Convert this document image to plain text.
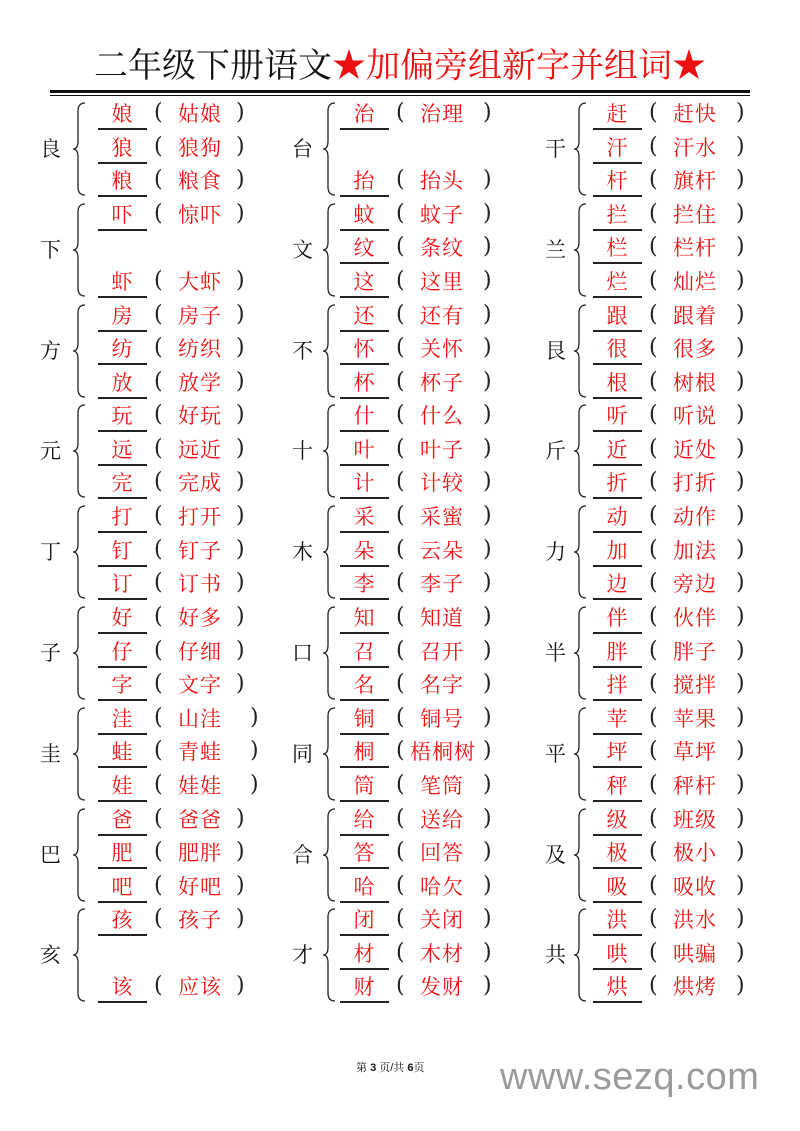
二年级下册语文★加偏旁组新字并组词★
良
娘 ( 姑娘 )
狼 ( 狼狗 )
粮 ( 粮食 )
下
吓 ( 惊吓 )
虾 ( 大虾 )
方
房 ( 房子 )
纺 ( 纺织 )
放 ( 放学 )
元
玩 ( 好玩 )
远 ( 远近 )
完 ( 完成 )
丁
打 ( 打开 )
钉 ( 钉子 )
订 ( 订书 )
子
好 ( 好多 )
仔 ( 仔细 )
字 ( 文字 )
圭
洼 ( 山洼 )
蛙 ( 青蛙 )
娃 ( 娃娃 )
巴
爸 ( 爸爸 )
肥 ( 肥胖 )
吧 ( 好吧 )
亥
孩 ( 孩子 )
该 ( 应该 )
台
治 ( 治理 )
抬 ( 抬头 )
文
蚊 ( 蚊子 )
纹 ( 条纹 )
这 ( 这里 )
不
还 ( 还有 )
怀 ( 关怀 )
杯 ( 杯子 )
十
什 ( 什么 )
叶 ( 叶子 )
计 ( 计较 )
木
采 ( 采蜜 )
朵 ( 云朵 )
李 ( 李子 )
口
知 ( 知道 )
召 ( 召开 )
名 ( 名字 )
同
铜 ( 铜号 )
桐 ( 梧桐树 )
筒 ( 笔筒 )
合
给 ( 送给 )
答 ( 回答 )
哈 ( 哈欠 )
才
闭 ( 关闭 )
材 ( 木材 )
财 ( 发财 )
干
赶 ( 赶快 )
汗 ( 汗水 )
杆 ( 旗杆 )
兰
拦 ( 拦住 )
栏 ( 栏杆 )
烂 ( 灿烂 )
艮
跟 ( 跟着 )
很 ( 很多 )
根 ( 树根 )
斤
听 ( 听说 )
近 ( 近处 )
折 ( 打折 )
力
动 ( 动作 )
加 ( 加法 )
边 ( 旁边 )
半
伴 ( 伙伴 )
胖 ( 胖子 )
拌 ( 搅拌 )
平
苹 ( 苹果 )
坪 ( 草坪 )
秤 ( 秤杆 )
及
级 ( 班级 )
极 ( 极小 )
吸 ( 吸收 )
共
洪 ( 洪水 )
哄 ( 哄骗 )
烘 ( 烘烤 )
第 3 页/共 6页 www.sezq.com
